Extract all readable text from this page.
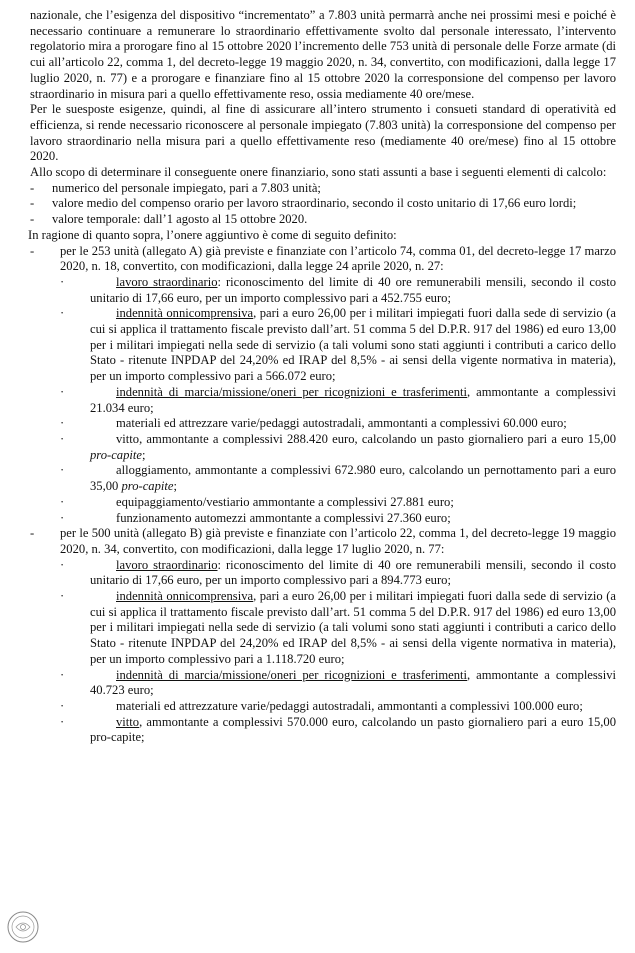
nazionale, che l’esigenza del dispositivo “incrementato” a 7.803 unità permarrà anche nei prossimi mesi e poiché è necessario continuare a remunerare lo straordinario effettivamente svolto dal personale interessato, l’intervento regolatorio mira a prorogare fino al 15 ottobre 2020 l’incremento delle 753 unità di personale delle Forze armate (di cui all’articolo 22, comma 1, del decreto-legge 19 maggio 2020, n. 34, convertito, con modificazioni, dalla legge 17 luglio 2020, n. 77) e a prorogare e finanziare fino al 15 ottobre 2020 la corresponsione del compenso per lavoro straordinario in misura pari a quello effettivamente reso, ossia mediamente 40 ore/mese.

Per le suesposte esigenze, quindi, al fine di assicurare all’intero strumento i consueti standard di operatività ed efficienza, si rende necessario riconoscere al personale impiegato (7.803 unità) la corresponsione del compenso per lavoro straordinario nella misura pari a quello effettivamente reso (mediamente 40 ore/mese) fino al 15 ottobre 2020.

Allo scopo di determinare il conseguente onere finanziario, sono stati assunti a base i seguenti elementi di calcolo:

- numerico del personale impiegato, pari a 7.803 unità;

- valore medio del compenso orario per lavoro straordinario, secondo il costo unitario di 17,66 euro lordi;

- valore temporale: dall’1 agosto al 15 ottobre 2020.

In ragione di quanto sopra, l’onere aggiuntivo è come di seguito definito:

-	per le 253 unità (allegato A) già previste e finanziate con l’articolo 74, comma 01, del decreto-legge 17 marzo 2020, n. 18, convertito, con modificazioni, dalla legge 24 aprile 2020, n. 27:

·	lavoro straordinario: riconoscimento del limite di 40 ore remunerabili mensili, secondo il costo unitario di 17,66 euro, per un importo complessivo pari a 452.755 euro;

·	indennità onnicomprensiva, pari a euro 26,00 per i militari impiegati fuori dalla sede di servizio (a cui si applica il trattamento fiscale previsto dall’art. 51 comma 5 del D.P.R. 917 del 1986) ed euro 13,00 per i militari impiegati nella sede di servizio (a tali volumi sono stati aggiunti i contributi a carico dello Stato - ritenute INPDAP del 24,20% ed IRAP del 8,5% - ai sensi della vigente normativa in materia), per un importo complessivo pari a 566.072 euro;

·	indennità di marcia/missione/oneri per ricognizioni e trasferimenti, ammontante a complessivi 21.034 euro;

·	materiali ed attrezzare varie/pedaggi autostradali, ammontanti a complessivi 60.000 euro;

·	vitto, ammontante a complessivi 288.420 euro, calcolando un pasto giornaliero pari a euro 15,00 pro-capite;

·	alloggiamento, ammontante a complessivi 672.980 euro, calcolando un pernottamento pari a euro 35,00 pro-capite;

·	equipaggiamento/vestiario ammontante a complessivi 27.881 euro;

·	funzionamento automezzi ammontante a complessivi 27.360 euro;

-	per le 500 unità (allegato B) già previste e finanziate con l’articolo 22, comma 1, del decreto-legge 19 maggio 2020, n. 34, convertito, con modificazioni, dalla legge 17 luglio 2020, n. 77:

·	lavoro straordinario: riconoscimento del limite di 40 ore remunerabili mensili, secondo il costo unitario di 17,66 euro, per un importo complessivo pari a 894.773 euro;

·	indennità onnicomprensiva, pari a euro 26,00 per i militari impiegati fuori dalla sede di servizio (a cui si applica il trattamento fiscale previsto dall’art. 51 comma 5 del D.P.R. 917 del 1986) ed euro 13,00 per i militari impiegati nella sede di servizio (a tali volumi sono stati aggiunti i contributi a carico dello Stato - ritenute INPDAP del 24,20% ed IRAP del 8,5% - ai sensi della vigente normativa in materia), per un importo complessivo pari a 1.118.720 euro;

·	indennità di marcia/missione/oneri per ricognizioni e trasferimenti, ammontante a complessivi 40.723 euro;

·	materiali ed attrezzature varie/pedaggi autostradali, ammontanti a complessivi 100.000 euro;

·	vitto, ammontante a complessivi 570.000 euro, calcolando un pasto giornaliero pari a euro 15,00 pro-capite;
